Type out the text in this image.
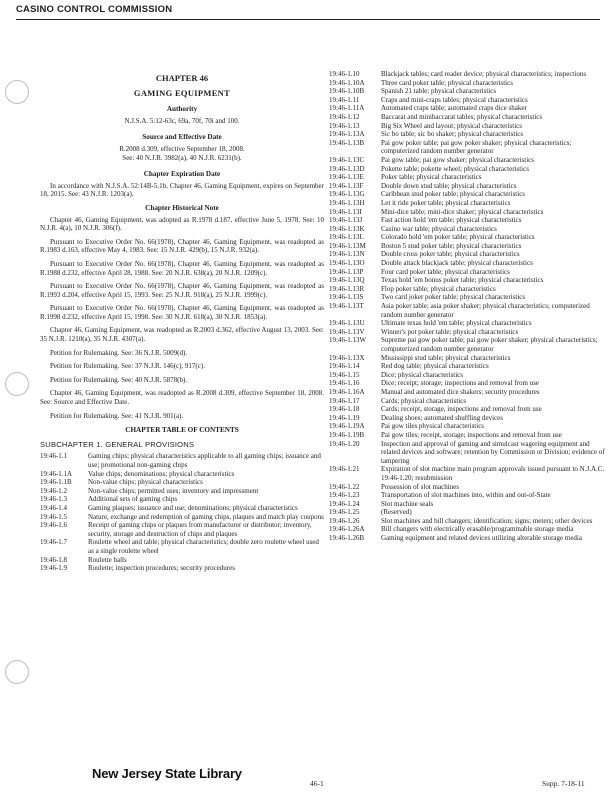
CASINO CONTROL COMMISSION
CHAPTER 46
GAMING EQUIPMENT
Authority
N.J.S.A. 5:12-63c, 69a, 70f, 70i and 100.
Source and Effective Date
R.2008 d.309, effective September 18, 2008.
See: 40 N.J.R. 3982(a), 40 N.J.R. 6231(b).
Chapter Expiration Date
In accordance with N.J.S.A. 52:14B-5.1b, Chapter 46, Gaming Equipment, expires on September 18, 2015. See: 43 N.J.R. 1203(a).
Chapter Historical Note
Chapter 46, Gaming Equipment, was adopted as R.1978 d.187, effective June 5, 1978. See: 10 N.J.R. 4(a), 10 N.J.R. 306(f).
Pursuant to Executive Order No. 66(1978), Chapter 46, Gaming Equipment, was readopted as R.1983 d.163, effective May 4, 1983. See: 15 N.J.R. 429(b), 15 N.J.R. 932(a).
Pursuant to Executive Order No. 66(1978), Chapter 46, Gaming Equipment, was readopted as R.1988 d.232, effective April 28, 1988. See: 20 N.J.R. 638(a), 20 N.J.R. 1209(c).
Pursuant to Executive Order No. 66(1978), Chapter 46, Gaming Equipment, was readopted as R.1993 d.204, effective April 15, 1993. See: 25 N.J.R. 918(a), 25 N.J.R. 1999(c).
Pursuant to Executive Order No. 66(1978), Chapter 46, Gaming Equipment, was readopted as R.1998 d.232, effective April 15, 1998. See: 30 N.J.R. 618(a), 30 N.J.R. 1853(a).
Chapter 46, Gaming Equipment, was readopted as R.2003 d.362, effective August 13, 2003. See: 35 N.J.R. 1210(a), 35 N.J.R. 4307(a).
Petition for Rulemaking. See: 36 N.J.R. 5009(d).
Petition for Rulemaking. See: 37 N.J.R. 146(c), 917(c).
Petition for Rulemaking. See: 40 N.J.R. 5878(b).
Chapter 46, Gaming Equipment, was readopted as R.2008 d.309, effective September 18, 2008. See: Source and Effective Date.
Petition for Rulemaking. See: 41 N.J.R. 901(a).
CHAPTER TABLE OF CONTENTS
SUBCHAPTER 1. GENERAL PROVISIONS
19:46-1.1	Gaming chips; physical characteristics applicable to all gaming chips; issuance and use; promotional non-gaming chips
19:46-1.1A	Value chips; denominations; physical characteristics
19:46-1.1B	Non-value chips; physical characteristics
19:46-1.2	Non-value chips; permitted uses; inventory and impressment
19:46-1.3	Additional sets of gaming chips
19:46-1.4	Gaming plaques; issuance and use; denominations; physical characteristics
19:46-1.5	Nature, exchange and redemption of gaming chips, plaques and match play coupons
19:46-1.6	Receipt of gaming chips or plaques from manufacturer or distributor; inventory, security, storage and destruction of chips and plaques
19:46-1.7	Roulette wheel and table; physical characteristics; double zero roulette wheel used as a single roulette wheel
19:46-1.8	Roulette balls
19:46-1.9	Roulette; inspection procedures; security procedures
19:46-1.10	Blackjack tables; card reader device; physical characteristics; inspections
19:46-1.10A	Three card poker table; physical characteristics
19:46-1.10B	Spanish 21 table; physical characteristics
19:46-1.11	Craps and mini-craps tables; physical characteristics
19:46-1.11A	Automated craps table; automated craps dice shaker
19:46-1.12	Baccarat and minibaccarat tables; physical characteristics
19:46-1.13	Big Six Wheel and layout; physical characteristics
19:46-1.13A	Sic bo table; sic bo shaker; physical characteristics
19:46-1.13B	Pai gow poker table; pai gow poker shaker; physical characteristics; computerized random number generator
19:46-1.13C	Pai gow table; pai gow shaker; physical characteristics
19:46-1.13D	Pokette table; pokette wheel; physical characteristics
19:46-1.13E	Poker table; physical characteristics
19:46-1.13F	Double down stud table; physical characteristics
19:46-1.13G	Caribbean stud poker table; physical characteristics
19:46-1.13H	Let it ride poker table; physical characteristics
19:46-1.13I	Mini-dice table; mini-dice shaker; physical characteristics
19:46-1.13J	Fast action hold 'em table; physical characteristics
19:46-1.13K	Casino war table; physical characteristics
19:46-1.13L	Colorado hold 'em poker table; physical characteristics
19:46-1.13M	Boston 5 stud poker table; physical characteristics
19:46-1.13N	Double cross poker table; physical characteristics
19:46-1.13O	Double attack blackjack table; physical characteristics
19:46-1.13P	Four card poker table; physical characteristics
19:46-1.13Q	Texas hold 'em bonus poker table; physical characteristics
19:46-1.13R	Flop poker table; physical characteristics
19:46-1.13S	Two card joker poker table; physical characteristics
19:46-1.13T	Asia poker table; asia poker shaker; physical characteristics; computerized random number generator
19:46-1.13U	Ultimate texas hold 'em table; physical characteristics
19:46-1.13V	Winner's pot poker table; physical characteristics
19:46-1.13W	Supreme pai gow poker table; pai gow poker shaker; physical characteristics; computerized random number generator
19:46-1.13X	Mississippi stud table; physical characteristics
19:46-1.14	Red dog table; physical characteristics
19:46-1.15	Dice; physical characteristics
19:46-1.16	Dice; receipt; storage; inspections and removal from use
19:46-1.16A	Manual and automated dice shakers; security procedures
19:46-1.17	Cards; physical characteristics
19:46-1.18	Cards; receipt, storage, inspections and removal from use
19:46-1.19	Dealing shoes; automated shuffling devices
19:46-1.19A	Pai gow tiles physical characteristics
19:46-1.19B	Pai gow tiles; receipt, storage; inspections and removal from use
19:46-1.20	Inspection and approval of gaming and simulcast wagering equipment and related devices and software; retention by Commission or Division; evidence of tampering
19:46-1.21	Expiration of slot machine main program approvals issued pursuant to N.J.A.C. 19:46-1.20; resubmission
19:46-1.22	Possession of slot machines
19:46-1.23	Transportation of slot machines into, within and out-of-State
19:46-1.24	Slot machine seals
19:46-1.25	(Reserved)
19:46-1.26	Slot machines and bill changers; identification; signs; meters; other devices
19:46-1.26A	Bill changers with electrically erasable/programmable storage media
19:46-1.26B	Gaming equipment and related devices utilizing alterable storage media
New Jersey State Library
46-1	Supp. 7-18-11
